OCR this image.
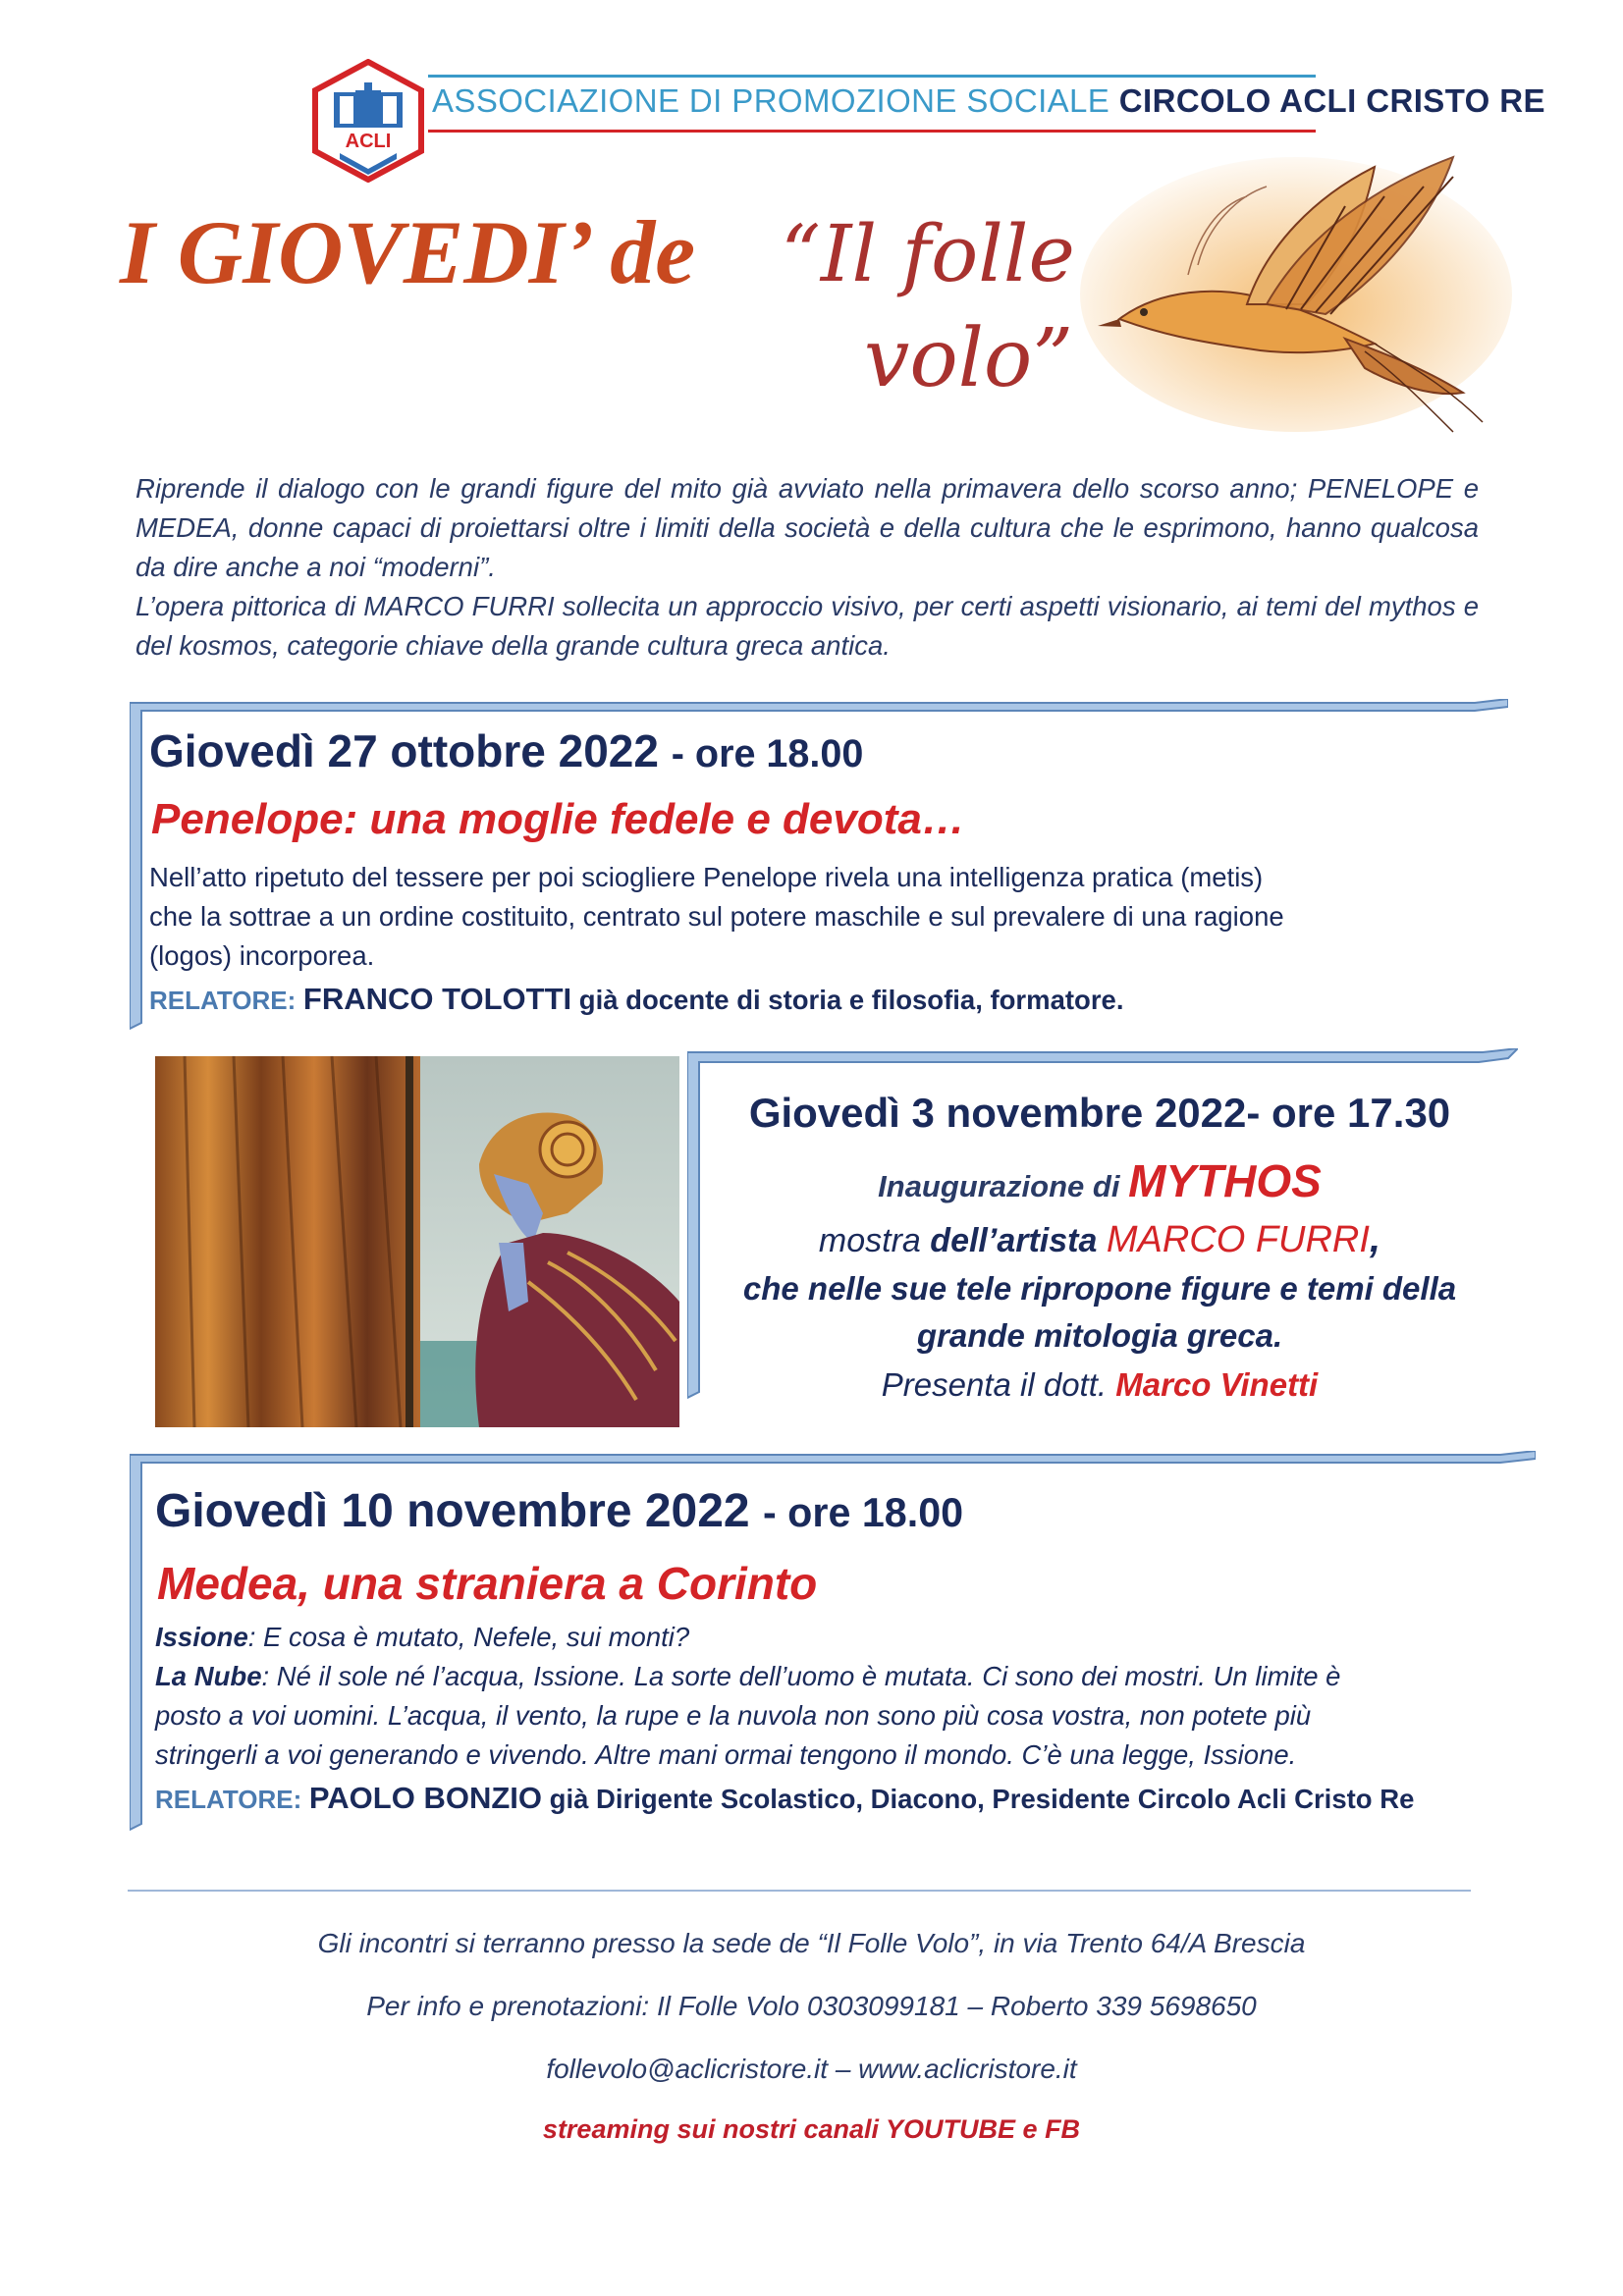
ACLI
ASSOCIAZIONE DI PROMOZIONE SOCIALE CIRCOLO ACLI CRISTO RE
I GIOVEDI’ de “Il folle
volo”

Riprende il dialogo con le grandi figure del mito già avviato nella primavera dello scorso anno; PENELOPE e MEDEA, donne capaci di proiettarsi oltre i limiti della società e della cultura che le esprimono, hanno qualcosa da dire anche a noi “moderni”.

L’opera pittorica di MARCO FURRI sollecita un approccio visivo, per certi aspetti visionario, ai temi del mythos e del kosmos, categorie chiave della grande cultura greca antica.

Giovedì 27 ottobre 2022 - ore 18.00
Penelope: una moglie fedele e devota…

Nell’atto ripetuto del tessere per poi sciogliere Penelope rivela una intelligenza pratica (metis)

che la sottrae a un ordine costituito, centrato sul potere maschile e sul prevalere di una ragione

(logos) incorporea.

RELATORE: FRANCO TOLOTTI già docente di storia e filosofia, formatore.
Giovedì 3 novembre 2022- ore 17.30
Inaugurazione di MYTHOS
mostra dell’artista MARCO FURRI,
che nelle sue tele ripropone figure e temi della
grande mitologia greca.
Presenta il dott. Marco Vinetti
Giovedì 10 novembre 2022 - ore 18.00
Medea, una straniera a Corinto

Issione: E cosa è mutato, Nefele, sui monti?

La Nube: Né il sole né l’acqua, Issione. La sorte dell’uomo è mutata. Ci sono dei mostri. Un limite è

posto a voi uomini. L’acqua, il vento, la rupe e la nuvola non sono più cosa vostra, non potete più

stringerli a voi generando e vivendo. Altre mani ormai tengono il mondo. C’è una legge, Issione.

RELATORE: PAOLO BONZIO già Dirigente Scolastico, Diacono, Presidente Circolo Acli Cristo Re
Gli incontri si terranno presso la sede de “Il Folle Volo”, in via Trento 64/A Brescia
Per info e prenotazioni: Il Folle Volo 0303099181 – Roberto 339 5698650
follevolo@aclicristore.it – www.aclicristore.it
streaming sui nostri canali YOUTUBE e FB
